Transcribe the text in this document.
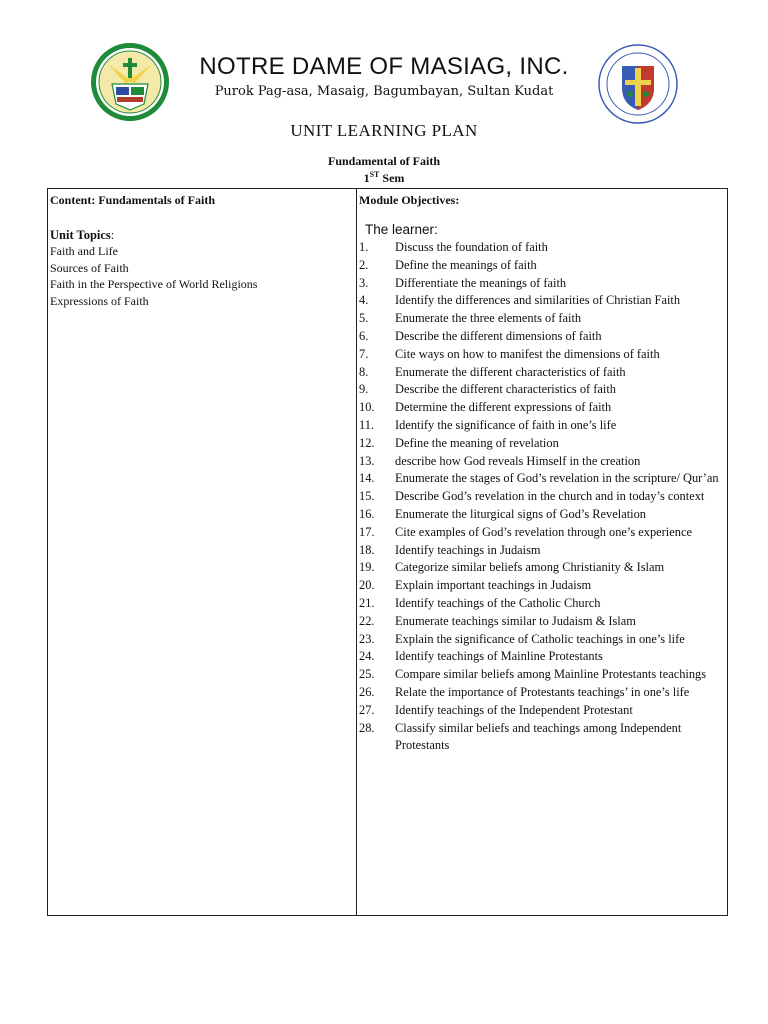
NOTRE DAME OF MASIAG, INC.
Purok Pag-asa, Masaig, Bagumbayan, Sultan Kudat
UNIT LEARNING PLAN
Fundamental of Faith
1ST Sem
Content: Fundamentals of Faith
Unit Topics:
Faith and Life
Sources of Faith
Faith in the Perspective of World Religions
Expressions of Faith
Module Objectives:
The learner:
1.	Discuss the foundation of faith
2.	Define the meanings of faith
3.	Differentiate the meanings of faith
4.	Identify the differences and similarities of Christian Faith
5.	Enumerate the three elements of faith
6.	Describe the different dimensions of faith
7.	Cite ways on how to manifest the dimensions of faith
8.	Enumerate the different characteristics of faith
9.	Describe the different characteristics of faith
10.	Determine the different expressions of faith
11.	Identify the significance of faith in one’s life
12.	Define the meaning of revelation
13.	describe how God reveals Himself in the creation
14.	Enumerate the stages of God’s revelation in the scripture/ Qur’an
15.	Describe God’s revelation in the church and in today’s context
16.	Enumerate the liturgical signs of God’s Revelation
17.	Cite examples of God’s revelation through one’s experience
18.	Identify teachings in Judaism
19.	Categorize similar beliefs among Christianity & Islam
20.	Explain important teachings in Judaism
21.	Identify teachings of the Catholic Church
22.	Enumerate teachings similar to Judaism & Islam
23.	Explain the significance of Catholic teachings in one’s life
24.	Identify teachings of Mainline Protestants
25.	Compare similar beliefs among Mainline Protestants teachings
26.	Relate the importance of Protestants teachings’ in one’s life
27.	Identify teachings of the Independent Protestant
28.	Classify similar beliefs and teachings among Independent Protestants
